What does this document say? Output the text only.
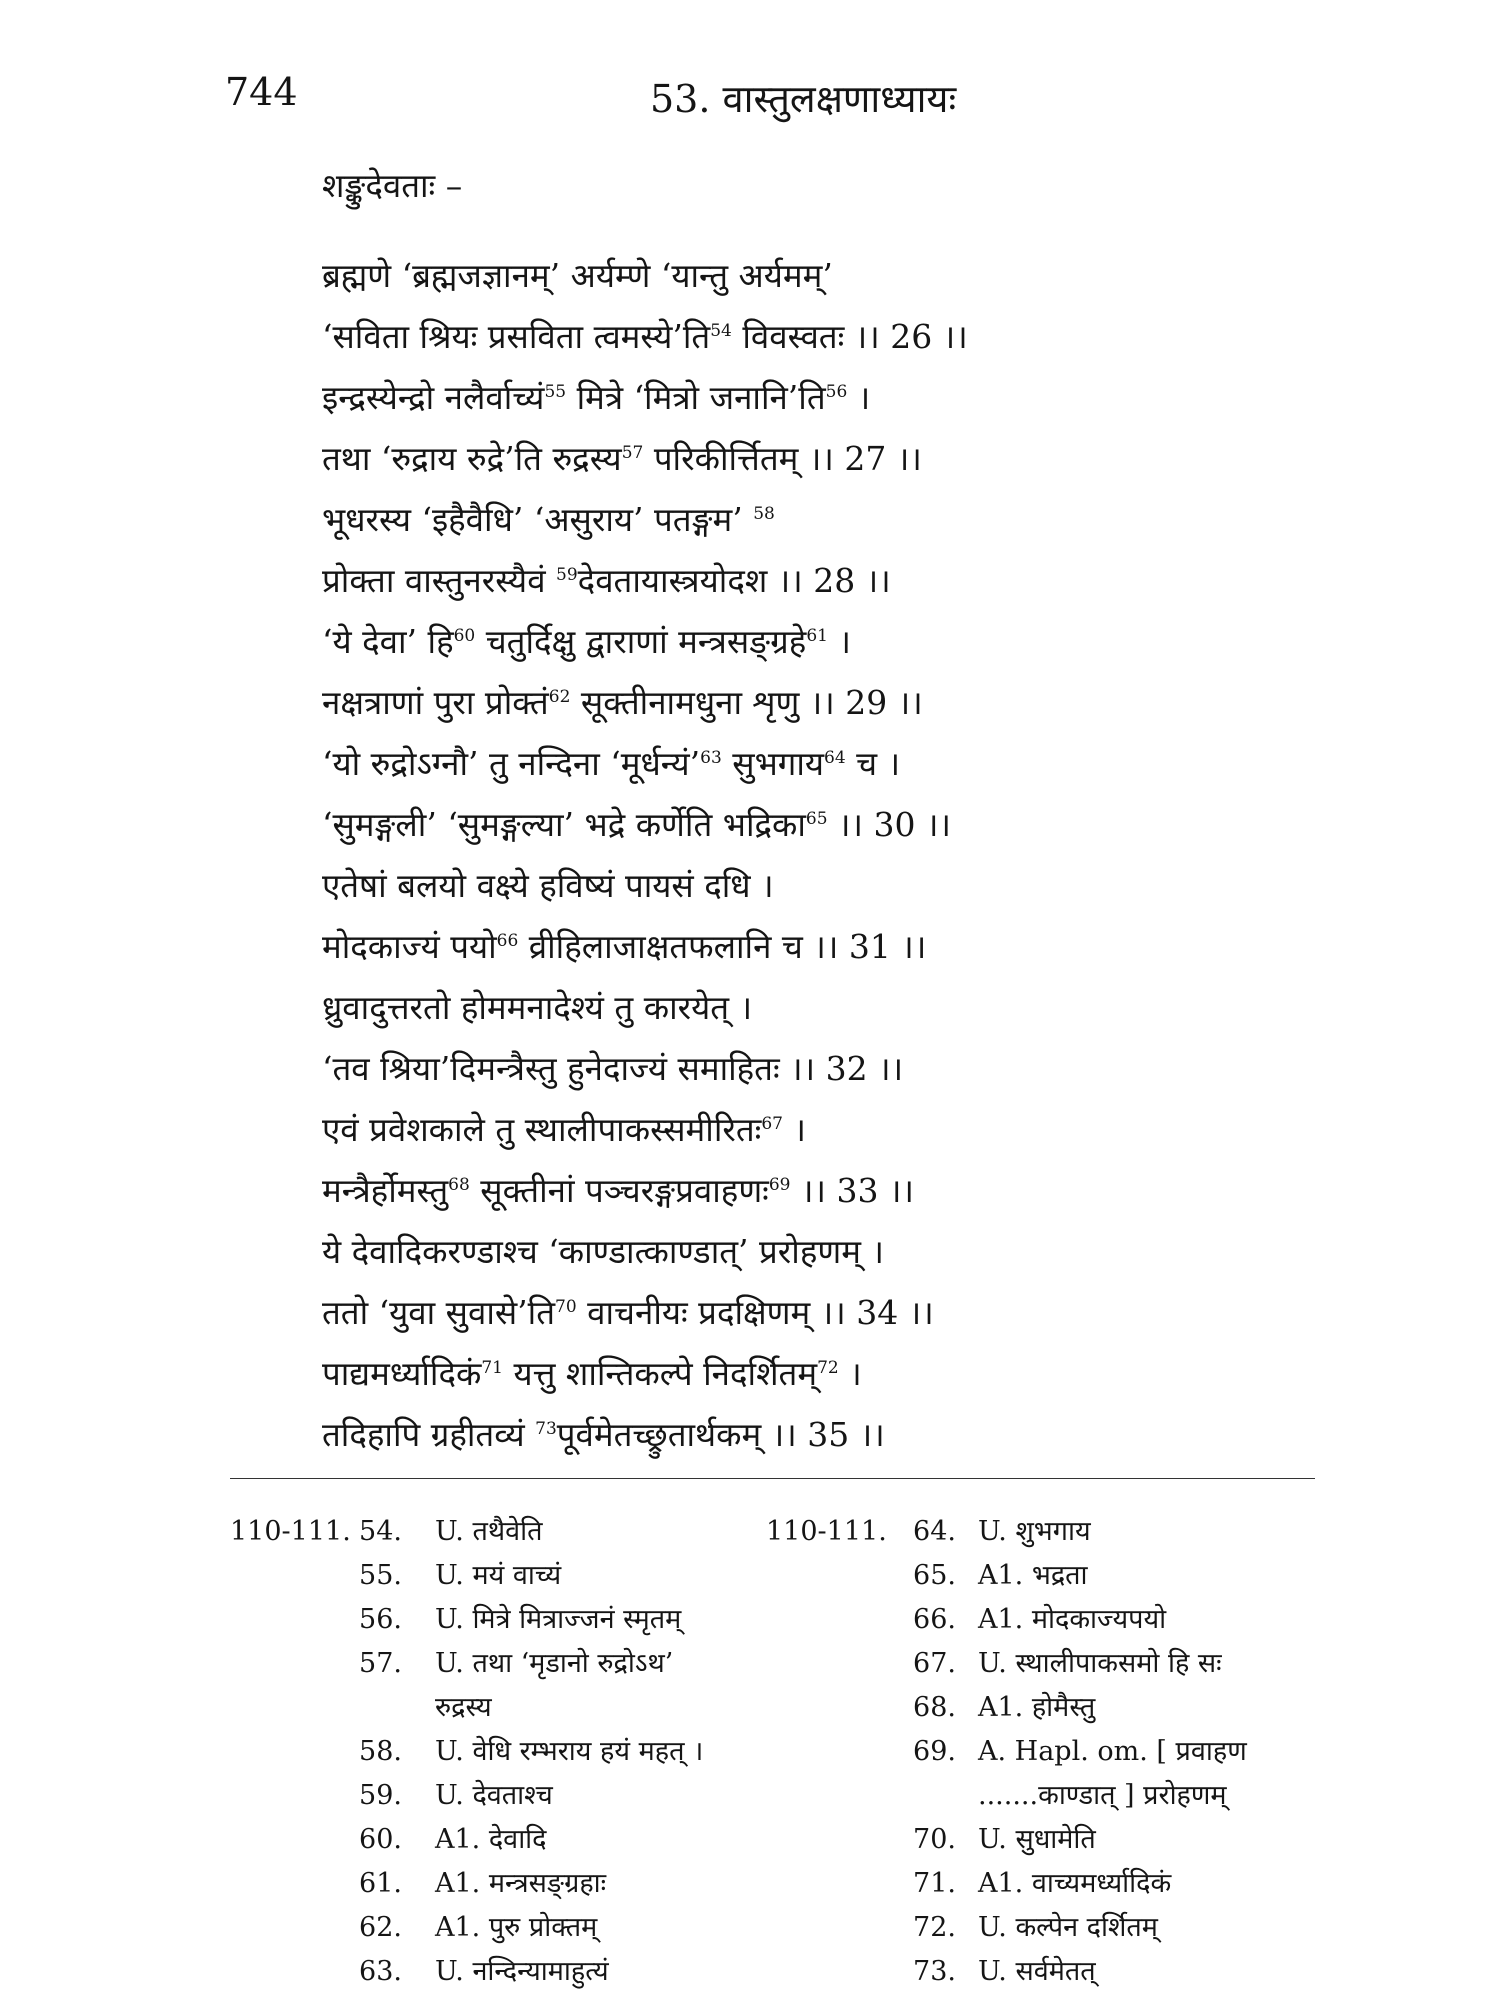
744	53. वास्तुलक्षणाध्यायः
शङ्कुदेवताः –
ब्रह्मणे ‘ब्रह्मजज्ञानम्’ अर्यम्णे ‘यान्तु अर्यमम्’
‘सविता श्रियः प्रसविता त्वमस्ये’ति$^{54}$ विवस्वतः ।। 26 ।।
इन्द्रस्येन्द्रो नलैर्वाच्यं$^{55}$ मित्रे ‘मित्रो जनानि’ति$^{56}$ ।
तथा ‘रुद्राय रुद्रे’ति रुद्रस्य$^{57}$ परिकीर्त्तितम् ।। 27 ।।
भूधरस्य ‘इहैवैधि’ ‘असुराय’ पतङ्गम’ $^{58}$
प्रोक्ता वास्तुनरस्यैवं $^{59}$देवतायास्त्रयोदश ।। 28 ।।
‘ये देवा’ हि$^{60}$ चतुर्दिक्षु द्वाराणां मन्त्रसङ्ग्रहे$^{61}$ ।
नक्षत्राणां पुरा प्रोक्तं$^{62}$ सूक्तीनामधुना शृणु ।। 29 ।।
‘यो रुद्रोऽग्नौ’ तु नन्दिना ‘मूर्धन्यं’$^{63}$ सुभगाय$^{64}$ च ।
‘सुमङ्गली’ ‘सुमङ्गल्या’ भद्रे कर्णेति भद्रिका$^{65}$ ।। 30 ।।
एतेषां बलयो वक्ष्ये हविष्यं पायसं दधि ।
मोदकाज्यं पयो$^{66}$ व्रीहिलाजाक्षतफलानि च ।। 31 ।।
ध्रुवादुत्तरतो होममनादेश्यं तु कारयेत् ।
‘तव श्रिया’दिमन्त्रैस्तु हुनेदाज्यं समाहितः ।। 32 ।।
एवं प्रवेशकाले तु स्थालीपाकस्समीरितः$^{67}$ ।
मन्त्रैर्होमस्तु$^{68}$ सूक्तीनां पञ्चरङ्गप्रवाहणः$^{69}$ ।। 33 ।।
ये देवादिकरण्डाश्च ‘काण्डात्काण्डात्’ प्ररोहणम् ।
ततो ‘युवा सुवासे’ति$^{70}$ वाचनीयः प्रदक्षिणम् ।। 34 ।।
पाद्यमर्ध्यादिकं$^{71}$ यत्तु शान्तिकल्पे निदर्शितम्$^{72}$ ।
तदिहापि ग्रहीतव्यं $^{73}$पूर्वमेतच्छ्रुतार्थकम् ।। 35 ।।
110-111. 54. U. तथैवेति
55. U. मयं वाच्यं
56. U. मित्रे मित्राज्जनं स्मृतम्
57. U. तथा ‘मृडानो रुद्रोऽथ’
रुद्रस्य
58. U. वेधि रम्भराय हयं महत् ।
59. U. देवताश्च
60. A1. देवादि
61. A1. मन्त्रसङ्ग्रहाः
62. A1. पुरु प्रोक्तम्
63. U. नन्दिन्यामाहुत्यं
110-111. 64. U. शुभगाय
65. A1. भद्रता
66. A1. मोदकाज्यपयो
67. U. स्थालीपाकसमो हि सः
68. A1. होमैस्तु
69. A. Hapl. om. [ प्रवाहण
.......काण्डात् ] प्ररोहणम्
70. U. सुधामेति
71. A1. वाच्यमर्ध्यादिकं
72. U. कल्पेन दर्शितम्
73. U. सर्वमेतत्
